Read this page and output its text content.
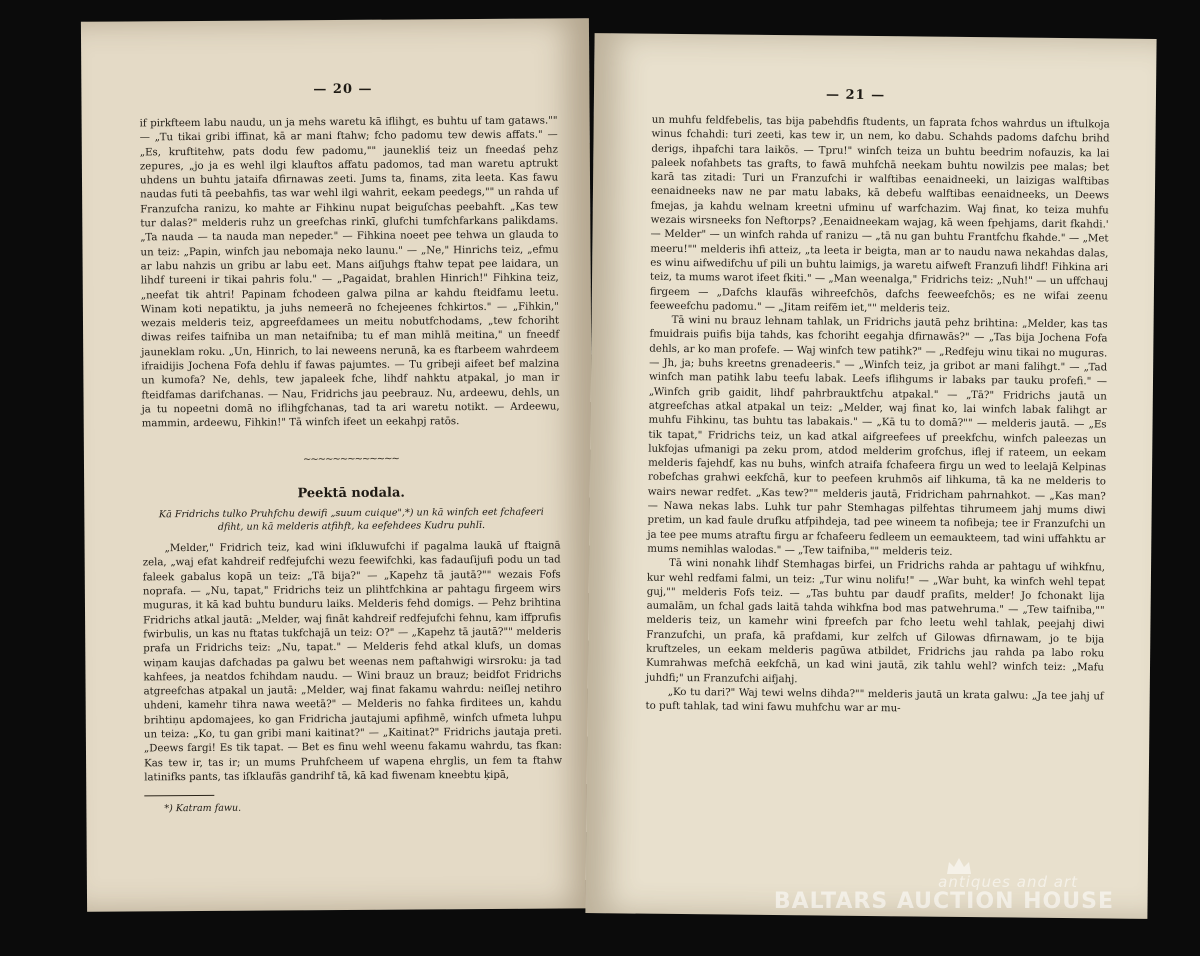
— 20 —

if pirkfteem labu naudu, un ja mehs waretu kā iflihgt, es buhtu uf tam gataws."" — „Tu tikai gribi iffinat, kā ar mani ftahw; fcho padomu tew dewis affats." — „Es, kruftitehw, pats dodu few padomu,"" jaunekliś teiz un fneedaś pehz zepures, „jo ja es wehl ilgi klauftos affatu padomos, tad man waretu aptrukt uhdens un buhtu jataifa dfirnawas zeeti. Jums ta, finams, zita leeta. Kas fawu naudas futi tā peebahfis, tas war wehl ilgi wahrit, eekam peedegs,"" un rahda uf Franzufcha ranizu, ko mahte ar Fihkinu nupat beiguſchas peebahft. „Kas tew tur dalas?" melderis ruhz un greefchas rinkī, glufchi tumfchfarkans palikdams. „Ta nauda — ta nauda man nepeder." — Fihkina noeet pee tehwa un glauda to un teiz: „Papin, winfch jau nebomaja neko launu." — „Ne," Hinrichs teiz, „efmu ar labu nahzis un gribu ar labu eet. Mans aiſjuhgs ftahw tepat pee laidara, un lihdf tureeni ir tikai pahris folu." — „Pagaidat, brahlen Hinrich!" Fihkina teiz, „neefat tik ahtri! Papinam fchodeen galwa pilna ar kahdu fteidfamu leetu. Winam koti nepatiktu, ja juhs nemeerā no fchejeenes fchkirtos." — „Fihkin," wezais melderis teiz, apgreefdamees un meitu nobutfchodams, „tew fchoriht diwas reifes taifniba un man netaifniba; tu ef man mihlā meitina," un fneedf jauneklam roku. „Un, Hinrich, to lai neweens nerunā, ka es ftarbeem wahrdeem ifraidijis Jochena Fofa dehlu if fawas pajumtes. — Tu gribeji aifeet bef malzina un kumofa? Ne, dehls, tew japaleek fche, lihdf nahktu atpakal, jo man ir fteidfamas darifchanas. — Nau, Fridrichs jau peebrauz. Nu, ardeewu, dehls, un ja tu nopeetni domā no iflihgfchanas, tad ta ari waretu notikt. — Ardeewu, mammin, ardeewu, Fihkin!" Tā winfch ifeet un eekahpj ratōs.

~~~~~~~~~~~~~
Peektā nodala.
Kā Fridrichs tulko Pruhfchu dewifi „suum cuique",*) un kā winfch eet fchafeeri dfiht, un kā melderis atfihft, ka eefehdees Kudru puhlī.

„Melder," Fridrich teiz, kad wini iſkluwufchi if pagalma laukā uf ftaignā zela, „waj efat kahdreif redfejufchi wezu feewifchki, kas fadauſijufi podu un tad faleek gabalus kopā un teiz: „Tā bija?" — „Kapehz tā jautā?"" wezais Fofs noprafa. — „Nu, tapat," Fridrichs teiz un plihtfchkina ar pahtagu firgeem wirs muguras, it kā kad buhtu bunduru laiks. Melderis fehd domigs. — Pehz brihtina Fridrichs atkal jautā: „Melder, waj fināt kahdreif redfejufchi fehnu, kam iffprufis fwirbulis, un kas nu ftatas tukfchajā un teiz: O?" — „Kapehz tā jautā?"" melderis prafa un Fridrichs teiz: „Nu, tapat." — Melderis fehd atkal klufs, un domas wiņam kaujas dafchadas pa galwu bet weenas nem paftahwigi wirsroku: ja tad kahfees, ja neatdos fchihdam naudu. — Wini brauz un brauz; beidfot Fridrichs atgreefchas atpakal un jautā: „Melder, waj finat fakamu wahrdu: neiſlej netihro uhdeni, kamehr tihra nawa weetā?" — Melderis no fahka firditees un, kahdu brihtiņu apdomajees, ko gan Fridricha jautajumi apfihmē, winfch ufmeta luhpu un teiza: „Ko, tu gan gribi mani kaitinat?" — „Kaitinat?" Fridrichs jautaja preti. „Deews fargi! Es tik tapat. — Bet es finu wehl weenu fakamu wahrdu, tas fkan: Kas tew ir, tas ir; un mums Pruhfcheem uf wapena ehrglis, un fem ta ftahw latinifks pants, tas iſklaufās gandrihf tā, kā kad fiwenam kneebtu ķipā,

*) Katram fawu.
— 21 —

un muhfu feldfebelis, tas bija pabehdfis ftudents, un faprata fchos wahrdus un iftulkoja winus fchahdi: turi zeeti, kas tew ir, un nem, ko dabu. Schahds padoms dafchu brihd derigs, ihpafchi tara laikōs. — Tpru!" winfch teiza un buhtu beedrim nofauzis, ka lai paleek nofahbets tas grafts, to fawā muhfchā neekam buhtu nowilzis pee malas; bet karā tas zitadi: Turi un Franzufchi ir walftibas eenaidneeki, un laizigas walftibas eenaidneeks naw ne par matu labaks, kā debefu walftibas eenaidneeks, un Deews fmejas, ja kahdu welnam kreetni ufminu uf warfchazim. Waj finat, ko teiza muhfu wezais wirsneeks fon Neftorps? ‚Eenaidneekam wajag, kā ween fpehjams, darit fkahdi.' — Melder" — un winfch rahda uf ranizu — „tā nu gan buhtu Frantfchu fkahde." — „Met meeru!"" melderis ihfi atteiz, „ta leeta ir beigta, man ar to naudu nawa nekahdas dalas, es winu aifwedifchu uf pili un buhtu laimigs, ja waretu aifweft Franzufi lihdf! Fihkina ari teiz, ta mums warot ifeet fkiti." — „Man weenalga," Fridrichs teiz: „Nuh!" — un uffchauj firgeem — „Dafchs klaufās wihreefchōs, dafchs feeweefchōs; es ne wifai zeenu feeweefchu padomu." — „Jitam reifēm iet,"" melderis teiz.

Tā wini nu brauz lehnam tahlak, un Fridrichs jautā pehz brihtina: „Melder, kas tas fmuidrais puifis bija tahds, kas fchoriht eegahja dfirnawās?" — „Tas bija Jochena Fofa dehls, ar ko man profefe. — Waj winfch tew patihk?" — „Redfeju winu tikai no muguras. — Jh, ja; buhs kreetns grenadeeris." — „Winfch teiz, ja gribot ar mani falihgt." — „Tad winfch man patihk labu teefu labak. Leefs iflihgums ir labaks par tauku profefi." — „Winfch grib gaidit, lihdf pahrbrauktfchu atpakal." — „Tā?" Fridrichs jautā un atgreefchas atkal atpakal un teiz: „Melder, waj finat ko, lai winfch labak falihgt ar muhfu Fihkinu, tas buhtu tas labakais." — „Kā tu to domā?"" — melderis jautā. — „Es tik tapat," Fridrichs teiz, un kad atkal aifgreefees uf preekfchu, winfch paleezas un lukfojas ufmanigi pa zeku prom, atdod melderim grofchus, iflej if rateem, un eekam melderis fajehdf, kas nu buhs, winfch atraifa fchafeera firgu un wed to leelajā Kelpinas robefchas grahwi eekfchā, kur to peefeen kruhmōs aif lihkuma, tā ka ne melderis to wairs newar redfet. „Kas tew?"" melderis jautā, Fridricham pahrnahkot. — „Kas man? — Nawa nekas labs. Luhk tur pahr Stemhagas pilfehtas tihrumeem jahj mums diwi pretim, un kad faule drufku atfpihdeja, tad pee wineem ta nofibeja; tee ir Franzufchi un ja tee pee mums atraftu firgu ar fchafeeru fedleem un eemaukteem, tad wini uffahktu ar mums nemihlas walodas." — „Tew taifniba,"" melderis teiz.

Tā wini nonahk lihdf Stemhagas birfei, un Fridrichs rahda ar pahtagu uf wihkfnu, kur wehl redfami falmi, un teiz: „Tur winu nolifu!" — „War buht, ka winfch wehl tepat guj,"" melderis Fofs teiz. — „Tas buhtu par daudf praſits, melder! Jo fchonakt lija aumalām, un fchal gads laitā tahda wihkfna bod mas patwehruma." — „Tew taifniba,"" melderis teiz, un kamehr wini fpreefch par fcho leetu wehl tahlak, peejahj diwi Franzufchi, un prafa, kā prafdami, kur zelfch uf Gilowas dfirnawam, jo te bija kruftzeles, un eekam melderis pagūwa atbildet, Fridrichs jau rahda pa labo roku Kumrahwas mefchā eekfchā, un kad wini jautā, zik tahlu wehl? winfch teiz: „Mafu juhdfi;" un Franzufchi aifjahj.

„Ko tu dari?" Waj tewi welns dihda?"" melderis jautā un krata galwu: „Ja tee jahj uf to puft tahlak, tad wini fawu muhfchu war ar mu-

antiques and art
BALTARS AUCTION HOUSE
